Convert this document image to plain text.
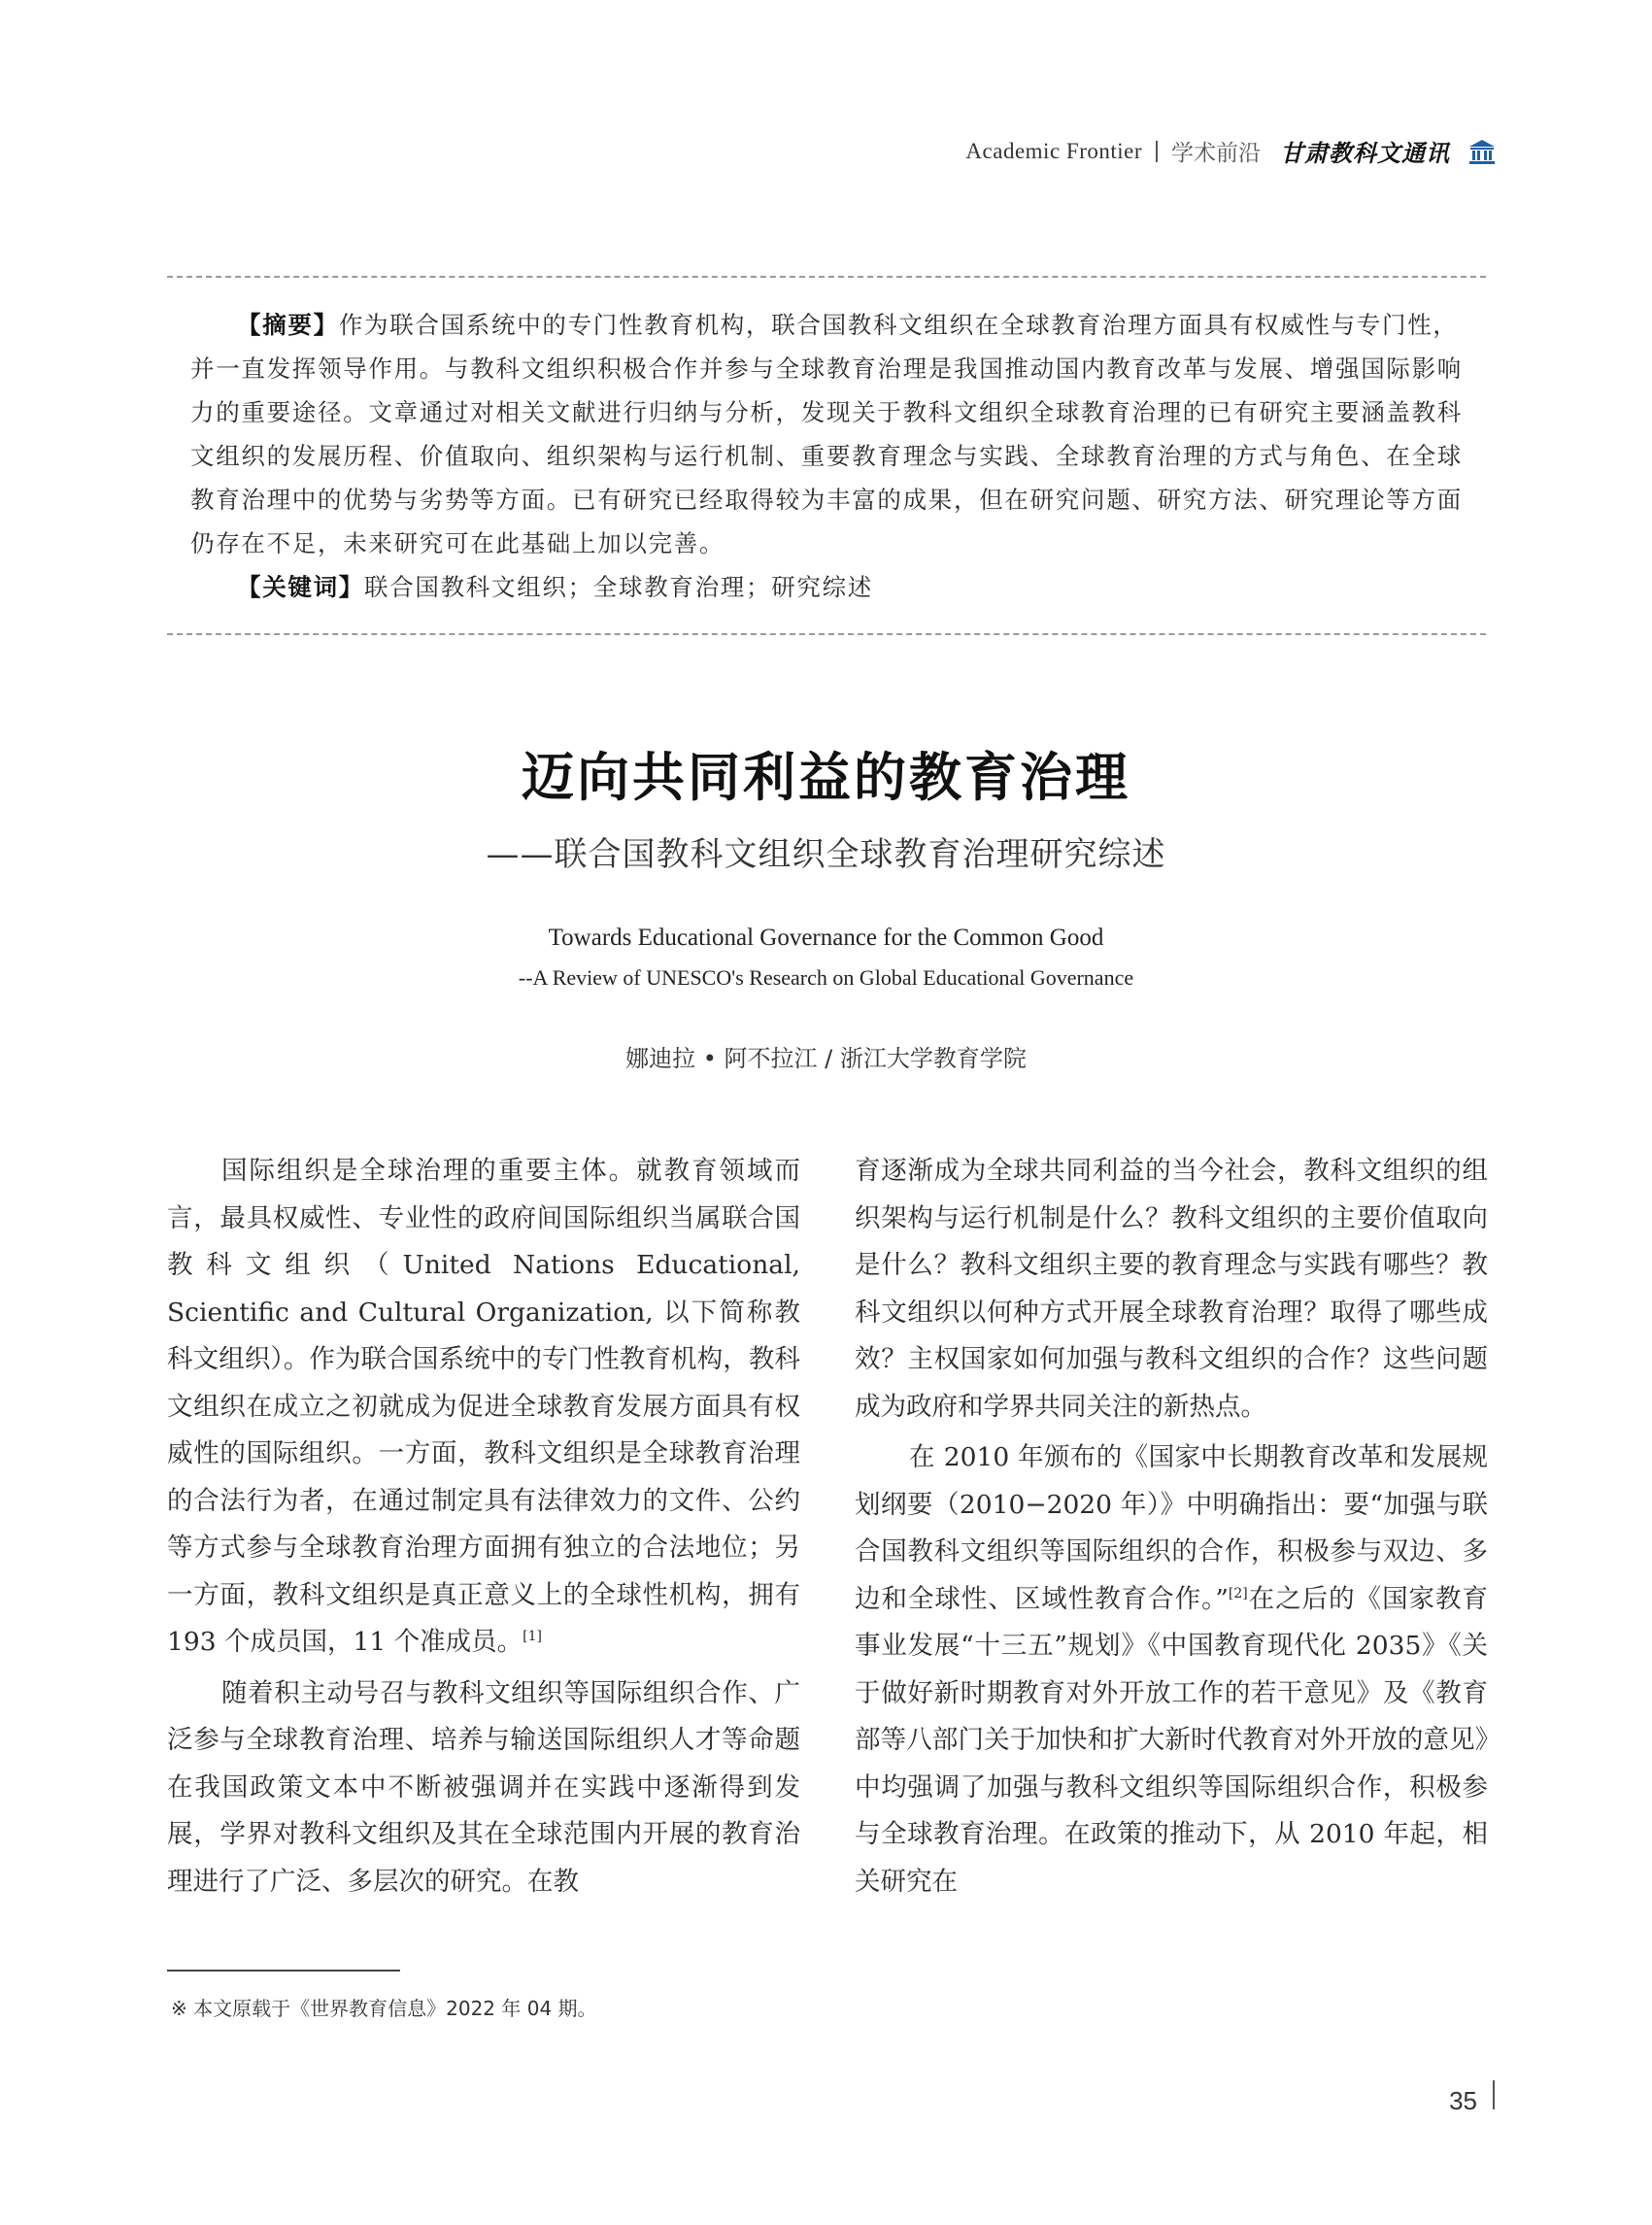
Academic Frontier 学术前沿 甘肃教科文通讯

【摘要】作为联合国系统中的专门性教育机构，联合国教科文组织在全球教育治理方面具有权威性与专门性，并一直发挥领导作用。与教科文组织积极合作并参与全球教育治理是我国推动国内教育改革与发展、增强国际影响力的重要途径。文章通过对相关文献进行归纳与分析，发现关于教科文组织全球教育治理的已有研究主要涵盖教科文组织的发展历程、价值取向、组织架构与运行机制、重要教育理念与实践、全球教育治理的方式与角色、在全球教育治理中的优势与劣势等方面。已有研究已经取得较为丰富的成果，但在研究问题、研究方法、研究理论等方面仍存在不足，未来研究可在此基础上加以完善。

【关键词】联合国教科文组织；全球教育治理；研究综述

迈向共同利益的教育治理
——联合国教科文组织全球教育治理研究综述
Towards Educational Governance for the Common Good
--A Review of UNESCO's Research on Global Educational Governance
娜迪拉 • 阿不拉江 / 浙江大学教育学院

国际组织是全球治理的重要主体。就教育领域而言，最具权威性、专业性的政府间国际组织当属联合国教科文组织（United Nations Educational, Scientific and Cultural Organization, 以下简称教科文组织）。作为联合国系统中的专门性教育机构，教科文组织在成立之初就成为促进全球教育发展方面具有权威性的国际组织。一方面，教科文组织是全球教育治理的合法行为者，在通过制定具有法律效力的文件、公约等方式参与全球教育治理方面拥有独立的合法地位；另一方面，教科文组织是真正意义上的全球性机构，拥有 193 个成员国，11 个准成员。[1]

随着积主动号召与教科文组织等国际组织合作、广泛参与全球教育治理、培养与输送国际组织人才等命题在我国政策文本中不断被强调并在实践中逐渐得到发展，学界对教科文组织及其在全球范围内开展的教育治理进行了广泛、多层次的研究。在教

育逐渐成为全球共同利益的当今社会，教科文组织的组织架构与运行机制是什么？教科文组织的主要价值取向是什么？教科文组织主要的教育理念与实践有哪些？教科文组织以何种方式开展全球教育治理？取得了哪些成效？主权国家如何加强与教科文组织的合作？这些问题成为政府和学界共同关注的新热点。

在 2010 年颁布的《国家中长期教育改革和发展规划纲要（2010−2020 年）》中明确指出：要“加强与联合国教科文组织等国际组织的合作，积极参与双边、多边和全球性、区域性教育合作。”[2]在之后的《国家教育事业发展“十三五”规划》《中国教育现代化 2035》《关于做好新时期教育对外开放工作的若干意见》及《教育部等八部门关于加快和扩大新时代教育对外开放的意见》中均强调了加强与教科文组织等国际组织合作，积极参与全球教育治理。在政策的推动下，从 2010 年起，相关研究在

※ 本文原载于《世界教育信息》2022 年 04 期。
35
